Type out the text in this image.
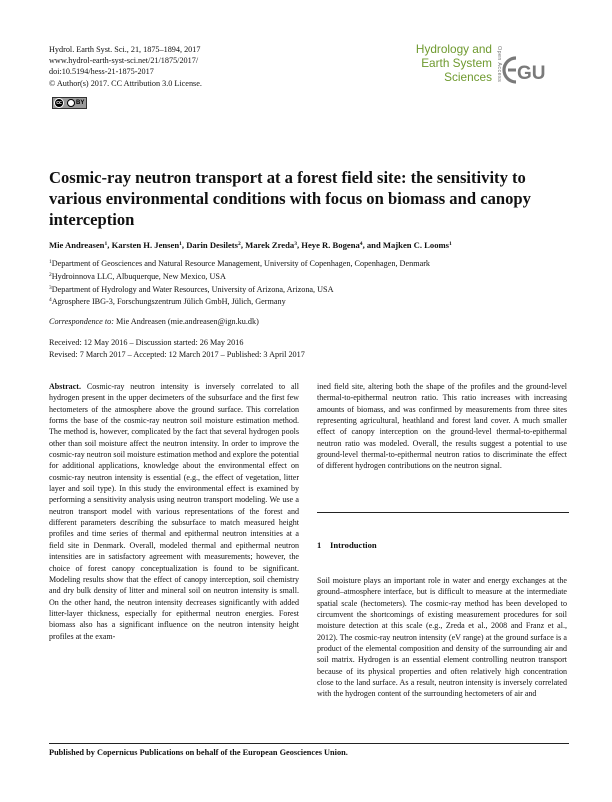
Hydrol. Earth Syst. Sci., 21, 1875–1894, 2017
www.hydrol-earth-syst-sci.net/21/1875/2017/
doi:10.5194/hess-21-1875-2017
© Author(s) 2017. CC Attribution 3.0 License.
cc	BY
Hydrology and
Earth System
Sciences Open Access GU
Cosmic-ray neutron transport at a forest field site: the sensitivity to various environmental conditions with focus on biomass and canopy interception
Mie Andreasen$^1$, Karsten H. Jensen$^1$, Darin Desilets$^2$, Marek Zreda$^3$, Heye R. Bogena$^4$, and Majken C. Looms$^1$
$^1$Department of Geosciences and Natural Resource Management, University of Copenhagen, Copenhagen, Denmark
$^2$Hydroinnova LLC, Albuquerque, New Mexico, USA
$^3$Department of Hydrology and Water Resources, University of Arizona, Arizona, USA
$^4$Agrosphere IBG-3, Forschungszentrum Jülich GmbH, Jülich, Germany
Correspondence to: Mie Andreasen (mie.andreasen@ign.ku.dk)
Received: 12 May 2016 – Discussion started: 26 May 2016
Revised: 7 March 2017 – Accepted: 12 March 2017 – Published: 3 April 2017
Abstract. Cosmic-ray neutron intensity is inversely correlated to all hydrogen present in the upper decimeters of the subsurface and the first few hectometers of the atmosphere above the ground surface. This correlation forms the base of the cosmic-ray neutron soil moisture estimation method. The method is, however, complicated by the fact that several hydrogen pools other than soil moisture affect the neutron intensity. In order to improve the cosmic-ray neutron soil moisture estimation method and explore the potential for additional applications, knowledge about the environmental effect on cosmic-ray neutron intensity is essential (e.g., the effect of vegetation, litter layer and soil type). In this study the environmental effect is examined by performing a sensitivity analysis using neutron transport modeling. We use a neutron transport model with various representations of the forest and different parameters describing the subsurface to match measured height profiles and time series of thermal and epithermal neutron intensities at a field site in Denmark. Overall, modeled thermal and epithermal neutron intensities are in satisfactory agreement with measurements; however, the choice of forest canopy conceptualization is found to be significant. Modeling results show that the effect of canopy interception, soil chemistry and dry bulk density of litter and mineral soil on neutron intensity is small. On the other hand, the neutron intensity decreases significantly with added litter-layer thickness, especially for epithermal neutron energies. Forest biomass also has a significant influence on the neutron intensity height profiles at the exam-
ined field site, altering both the shape of the profiles and the ground-level thermal-to-epithermal neutron ratio. This ratio increases with increasing amounts of biomass, and was confirmed by measurements from three sites representing agricultural, heathland and forest land cover. A much smaller effect of canopy interception on the ground-level thermal-to-epithermal neutron ratio was modeled. Overall, the results suggest a potential to use ground-level thermal-to-epithermal neutron ratios to discriminate the effect of different hydrogen contributions on the neutron signal.
1 Introduction
Soil moisture plays an important role in water and energy exchanges at the ground–atmosphere interface, but is difficult to measure at the intermediate spatial scale (hectometers). The cosmic-ray method has been developed to circumvent the shortcomings of existing measurement procedures for soil moisture detection at this scale (e.g., Zreda et al., 2008 and Franz et al., 2012). The cosmic-ray neutron intensity (eV range) at the ground surface is a product of the elemental composition and density of the surrounding air and soil matrix. Hydrogen is an essential element controlling neutron transport because of its physical properties and often relatively high concentration close to the land surface. As a result, neutron intensity is inversely correlated with the hydrogen content of the surrounding hectometers of air and
Published by Copernicus Publications on behalf of the European Geosciences Union.
